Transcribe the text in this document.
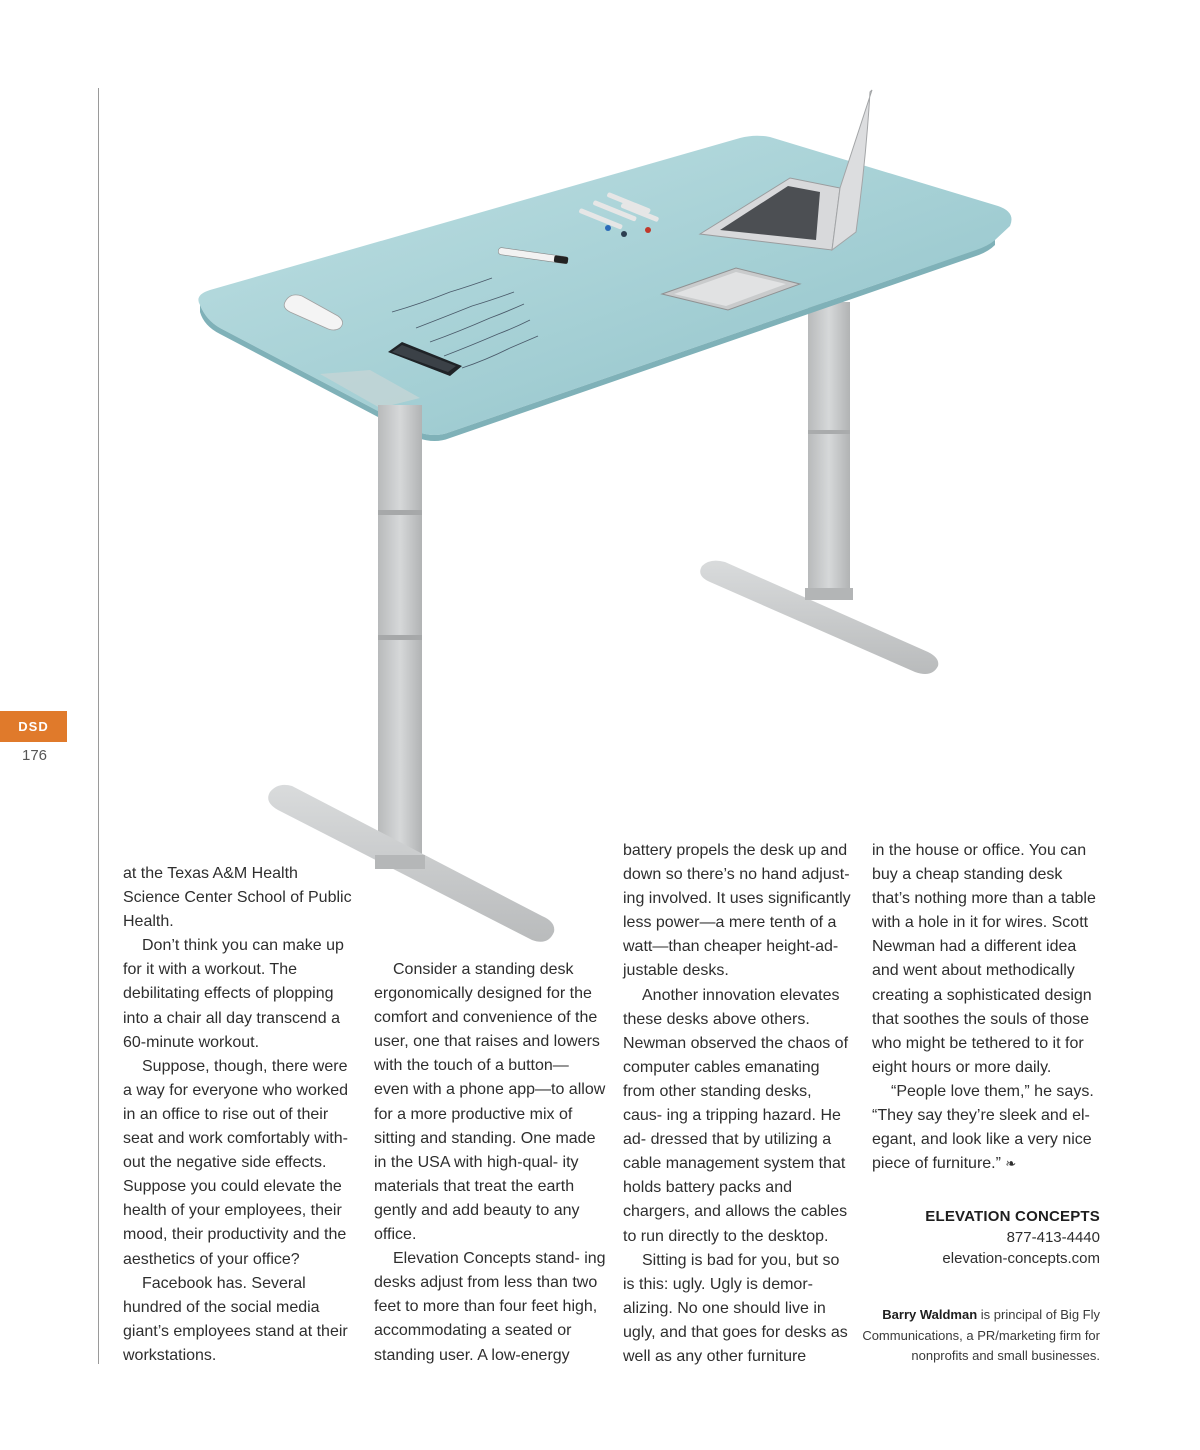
DSD
176

at the Texas A&M Health Science Center School of Public Health.

Don’t think you can make up for it with a workout. The debilitating effects of plopping into a chair all day transcend a 60-minute workout.

Suppose, though, there were a way for everyone who worked in an office to rise out of their seat and work comfortably with- out the negative side effects. Suppose you could elevate the health of your employees, their mood, their productivity and the aesthetics of your office?

Facebook has. Several hundred of the social media giant’s employees stand at their workstations.

Consider a standing desk ergonomically designed for the comfort and convenience of the user, one that raises and lowers with the touch of a button— even with a phone app—to allow for a more productive mix of sitting and standing. One made in the USA with high-qual- ity materials that treat the earth gently and add beauty to any office.

Elevation Concepts stand- ing desks adjust from less than two feet to more than four feet high, accommodating a seated or standing user. A low-energy

battery propels the desk up and down so there’s no hand adjust- ing involved. It uses significantly less power—a mere tenth of a watt—than cheaper height-ad- justable desks.

Another innovation elevates these desks above others. Newman observed the chaos of computer cables emanating from other standing desks, caus- ing a tripping hazard. He ad- dressed that by utilizing a cable management system that holds battery packs and chargers, and allows the cables to run directly to the desktop.

Sitting is bad for you, but so is this: ugly. Ugly is demor- alizing. No one should live in ugly, and that goes for desks as well as any other furniture

in the house or office. You can buy a cheap standing desk that’s nothing more than a table with a hole in it for wires. Scott Newman had a different idea and went about methodically creating a sophisticated design that soothes the souls of those who might be tethered to it for eight hours or more daily.

“People love them,” he says. “They say they’re sleek and el- egant, and look like a very nice piece of furniture.” ❧

ELEVATION CONCEPTS
877-413-4440
elevation-concepts.com
Barry Waldman is principal of Big Fly Communications, a PR/marketing firm for nonprofits and small businesses.
